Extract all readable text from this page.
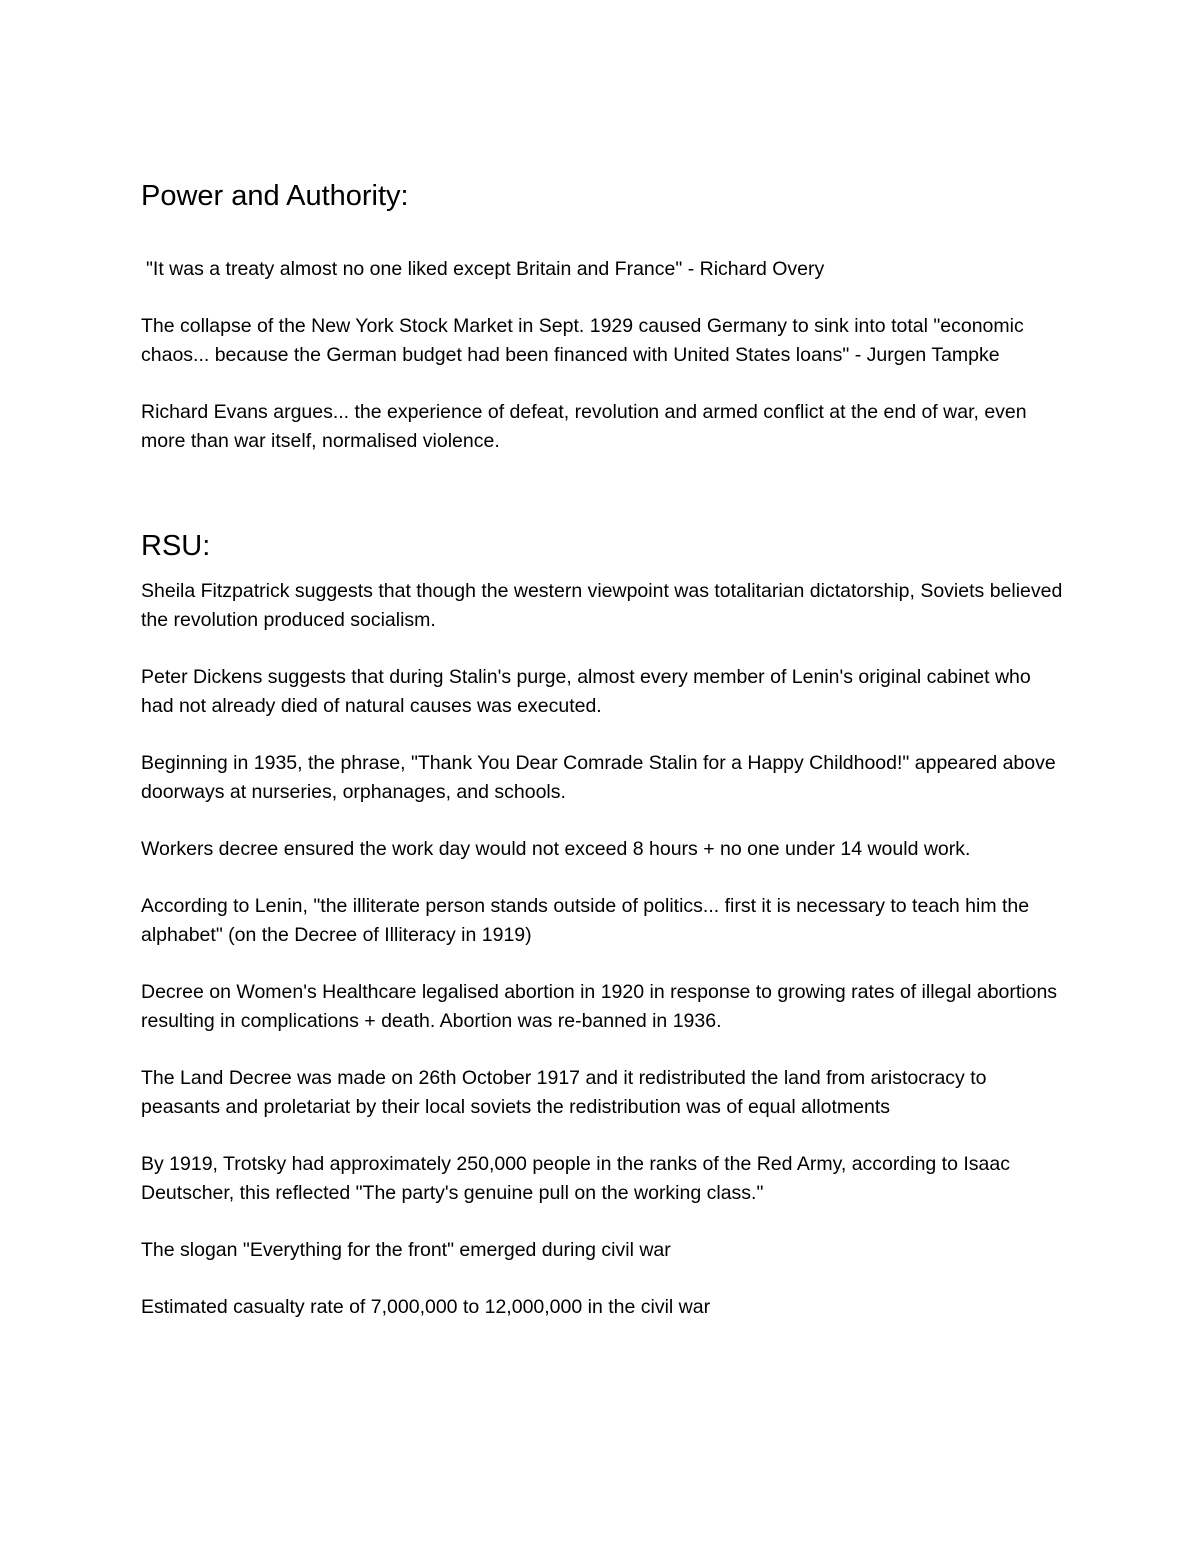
Power and Authority:

"It was a treaty almost no one liked except Britain and France" - Richard Overy

The collapse of the New York Stock Market in Sept. 1929 caused Germany to sink into total "economic chaos... because the German budget had been financed with United States loans" - Jurgen Tampke

Richard Evans argues... the experience of defeat, revolution and armed conflict at the end of war, even more than war itself, normalised violence.

RSU:

Sheila Fitzpatrick suggests that though the western viewpoint was totalitarian dictatorship, Soviets believed the revolution produced socialism.

Peter Dickens suggests that during Stalin's purge, almost every member of Lenin's original cabinet who had not already died of natural causes was executed.

Beginning in 1935, the phrase, "Thank You Dear Comrade Stalin for a Happy Childhood!" appeared above doorways at nurseries, orphanages, and schools.

Workers decree ensured the work day would not exceed 8 hours + no one under 14 would work.

According to Lenin, "the illiterate person stands outside of politics... first it is necessary to teach him the alphabet" (on the Decree of Illiteracy in 1919)

Decree on Women's Healthcare legalised abortion in 1920 in response to growing rates of illegal abortions resulting in complications + death. Abortion was re-banned in 1936.

The Land Decree was made on 26th October 1917 and it redistributed the land from aristocracy to peasants and proletariat by their local soviets the redistribution was of equal allotments

By 1919, Trotsky had approximately 250,000 people in the ranks of the Red Army, according to Isaac Deutscher, this reflected "The party's genuine pull on the working class."

The slogan "Everything for the front" emerged during civil war

Estimated casualty rate of 7,000,000 to 12,000,000 in the civil war
